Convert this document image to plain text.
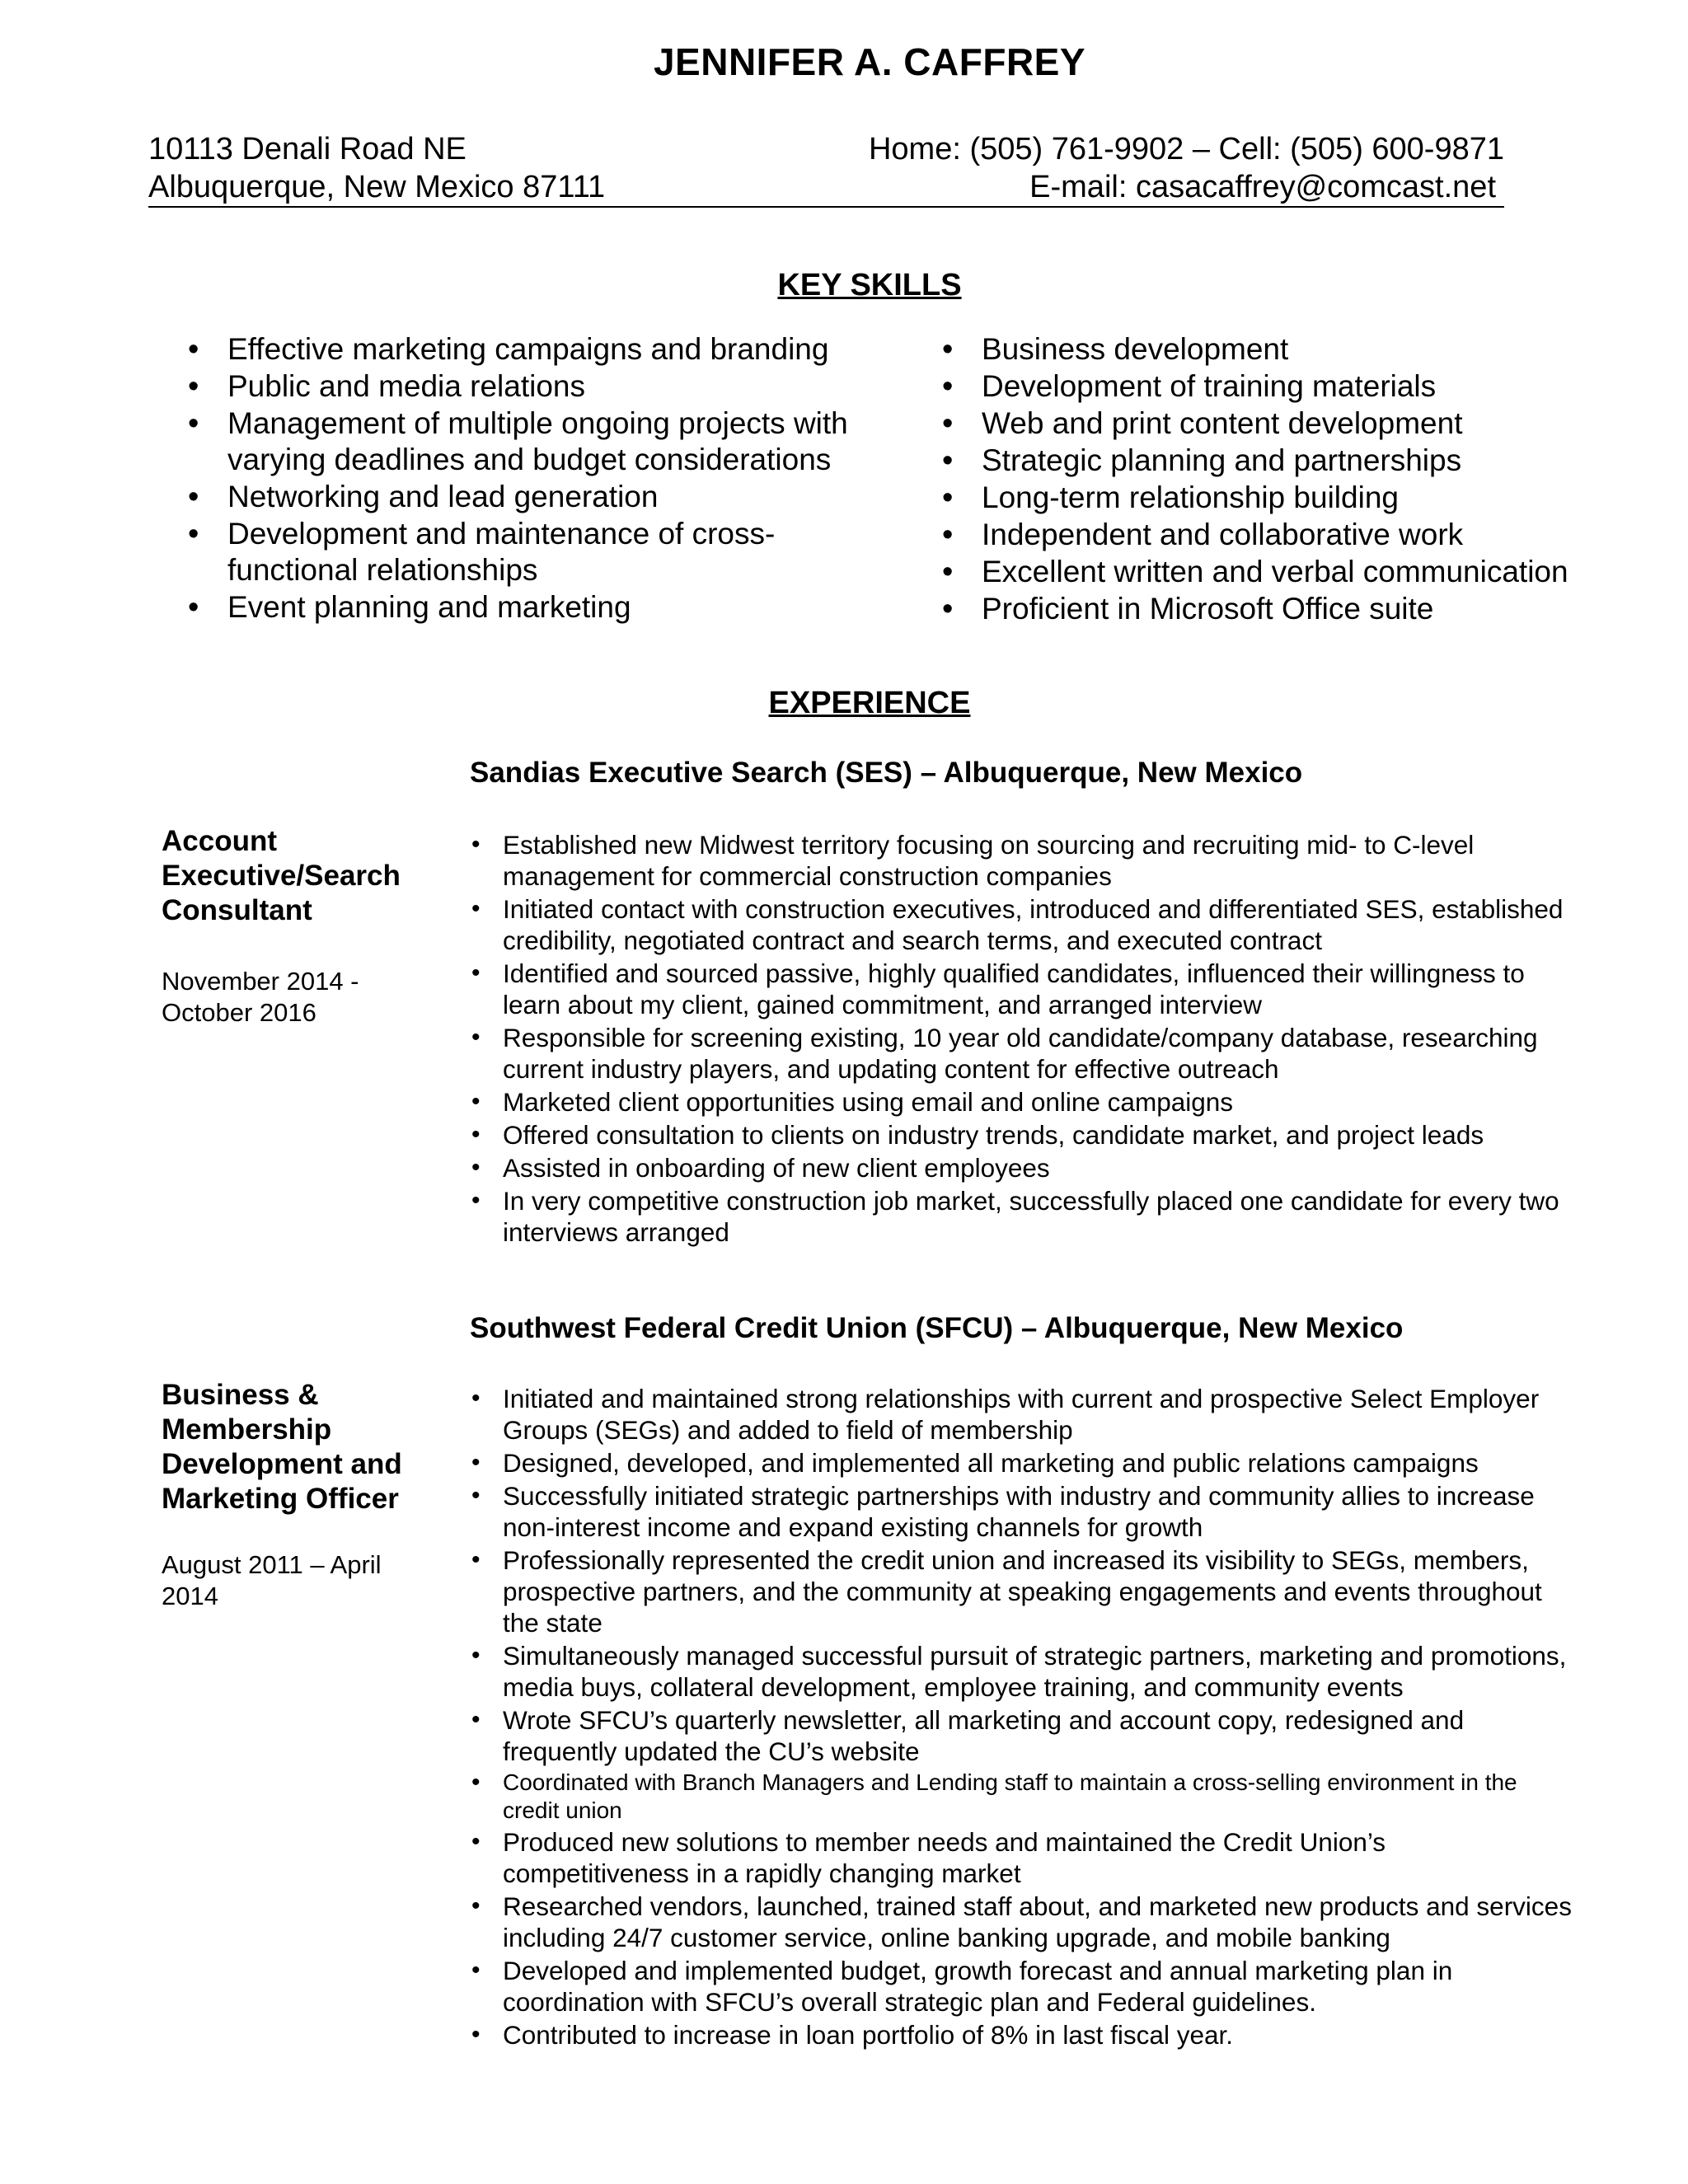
JENNIFER A. CAFFREY
10113 Denali Road NE	Home: (505) 761-9902 – Cell: (505) 600-9871
Albuquerque, New Mexico 87111	E-mail: casacaffrey@comcast.net
KEY SKILLS
• Effective marketing campaigns and branding
• Public and media relations
• Management of multiple ongoing projects with varying deadlines and budget considerations
• Networking and lead generation
• Development and maintenance of cross-functional relationships
• Event planning and marketing
• Business development
• Development of training materials
• Web and print content development
• Strategic planning and partnerships
• Long-term relationship building
• Independent and collaborative work
• Excellent written and verbal communication
• Proficient in Microsoft Office suite
EXPERIENCE
Sandias Executive Search (SES) – Albuquerque, New Mexico
Account Executive/Search Consultant
November 2014 - October 2016
• Established new Midwest territory focusing on sourcing and recruiting mid- to C-level management for commercial construction companies
• Initiated contact with construction executives, introduced and differentiated SES, established credibility, negotiated contract and search terms, and executed contract
• Identified and sourced passive, highly qualified candidates, influenced their willingness to learn about my client, gained commitment, and arranged interview
• Responsible for screening existing, 10 year old candidate/company database, researching current industry players, and updating content for effective outreach
• Marketed client opportunities using email and online campaigns
• Offered consultation to clients on industry trends, candidate market, and project leads
• Assisted in onboarding of new client employees
• In very competitive construction job market, successfully placed one candidate for every two interviews arranged
Southwest Federal Credit Union (SFCU) – Albuquerque, New Mexico
Business & Membership Development and Marketing Officer
August 2011 – April 2014
• Initiated and maintained strong relationships with current and prospective Select Employer Groups (SEGs) and added to field of membership
• Designed, developed, and implemented all marketing and public relations campaigns
• Successfully initiated strategic partnerships with industry and community allies to increase non-interest income and expand existing channels for growth
• Professionally represented the credit union and increased its visibility to SEGs, members, prospective partners, and the community at speaking engagements and events throughout the state
• Simultaneously managed successful pursuit of strategic partners, marketing and promotions, media buys, collateral development, employee training, and community events
• Wrote SFCU’s quarterly newsletter, all marketing and account copy, redesigned and frequently updated the CU’s website
• Coordinated with Branch Managers and Lending staff to maintain a cross-selling environment in the credit union
• Produced new solutions to member needs and maintained the Credit Union’s competitiveness in a rapidly changing market
• Researched vendors, launched, trained staff about, and marketed new products and services including 24/7 customer service, online banking upgrade, and mobile banking
• Developed and implemented budget, growth forecast and annual marketing plan in coordination with SFCU’s overall strategic plan and Federal guidelines.
• Contributed to increase in loan portfolio of 8% in last fiscal year.
